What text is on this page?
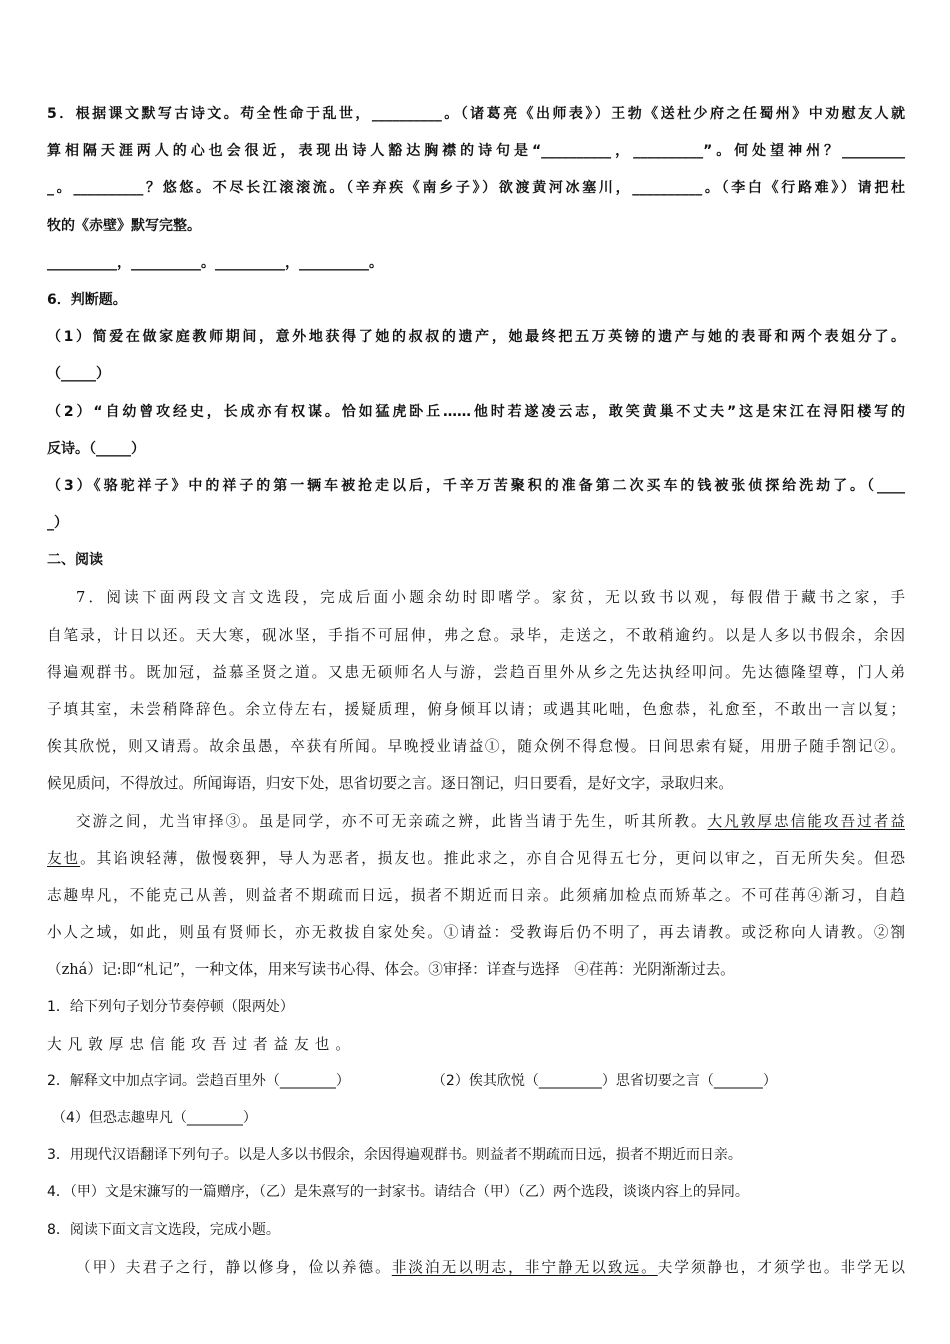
5．根据课文默写古诗文。苟全性命于乱世，__________。（诸葛亮《出师表》）王勃《送杜少府之任蜀州》中劝慰友人就
算相隔天涯两人的心也会很近，表现出诗人豁达胸襟的诗句是“__________，__________”。何处望神州？_________
_。__________？悠悠。不尽长江滚滚流。（辛弃疾《南乡子》）欲渡黄河冰塞川，__________。（李白《行路难》）请把杜
牧的《赤壁》默写完整。
__________，__________。__________，__________。
6．判断题。
（1）简爱在做家庭教师期间，意外地获得了她的叔叔的遗产，她最终把五万英镑的遗产与她的表哥和两个表姐分了。
（_____）
（2）“自幼曾攻经史，长成亦有权谋。恰如猛虎卧丘……他时若遂凌云志，敢笑黄巢不丈夫”这是宋江在浔阳楼写的
反诗。（_____）
（3）《骆驼祥子》中的祥子的第一辆车被抢走以后，千辛万苦聚积的准备第二次买车的钱被张侦探给洗劫了。（____
_）
二、阅读
7．阅读下面两段文言文选段，完成后面小题余幼时即嗜学。家贫，无以致书以观，每假借于藏书之家，手
自笔录，计日以还。天大寒，砚冰坚，手指不可屈伸，弗之怠。录毕，走送之，不敢稍逾约。以是人多以书假余，余因
得遍观群书。既加冠，益慕圣贤之道。又患无硕师名人与游，尝趋百里外从乡之先达执经叩问。先达德隆望尊，门人弟
子填其室，未尝稍降辞色。余立侍左右，援疑质理，俯身倾耳以请；或遇其叱咄，色愈恭，礼愈至，不敢出一言以复；
俟其欣悦，则又请焉。故余虽愚，卒获有所闻。早晚授业请益①，随众例不得怠慢。日间思索有疑，用册子随手劄记②。
候见质问，不得放过。所闻诲语，归安下处，思省切要之言。逐日劄记，归日要看，是好文字，录取归来。
交游之间，尤当审择③。虽是同学，亦不可无亲疏之辨，此皆当请于先生，听其所教。大凡敦厚忠信能攻吾过者益
友也。其谄谀轻薄，傲慢亵狎，导人为恶者，损友也。推此求之，亦自合见得五七分，更问以审之，百无所失矣。但恐
志趣卑凡，不能克己从善，则益者不期疏而日远，损者不期近而日亲。此须痛加检点而矫革之。不可荏苒④渐习，自趋
小人之域，如此，则虽有贤师长，亦无救拔自家处矣。①请益：受教诲后仍不明了，再去请教。或泛称向人请教。②劄
（zhá）记:即“札记”，一种文体，用来写读书心得、体会。③审择：详查与选择　④荏苒：光阴渐渐过去。
1．给下列句子划分节奏停顿（限两处）
大凡敦厚忠信能攻吾过者益友也。
2．解释文中加点字词。尝趋百里外（________）	（2）俟其欣悦（_________）思省切要之言（_______）
（4）但恐志趣卑凡（________）
3．用现代汉语翻译下列句子。以是人多以书假余，余因得遍观群书。则益者不期疏而日远，损者不期近而日亲。
4．（甲）文是宋濂写的一篇赠序，（乙）是朱熹写的一封家书。请结合（甲）（乙）两个选段，谈谈内容上的异同。
8．阅读下面文言文选段，完成小题。
（甲）夫君子之行，静以修身，俭以养德。非淡泊无以明志，非宁静无以致远。夫学须静也，才须学也。非学无以
